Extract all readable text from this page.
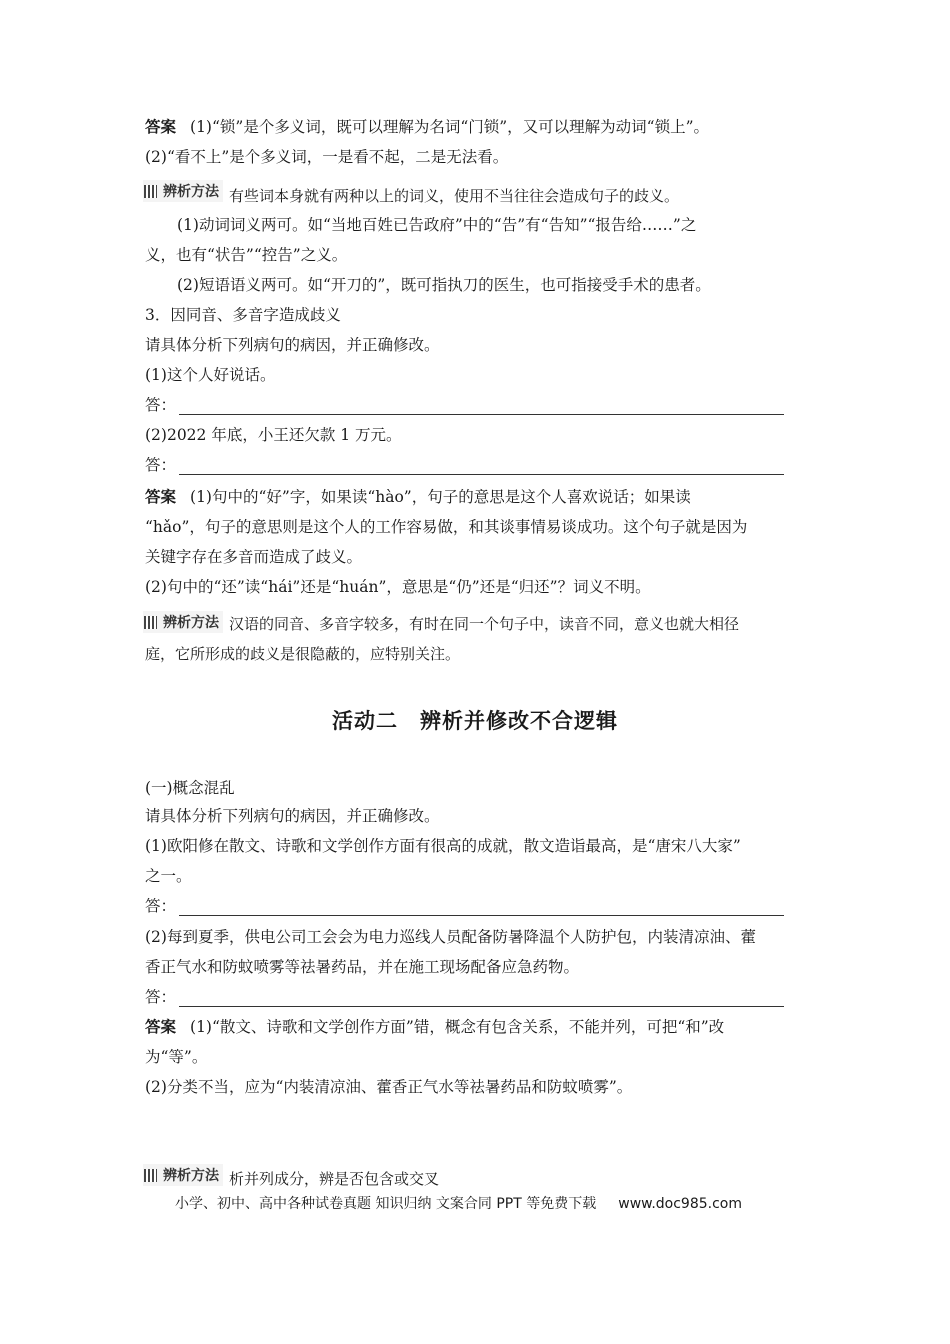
答案 (1)“锁”是个多义词，既可以理解为名词“门锁”，又可以理解为动词“锁上”。
(2)“看不上”是个多义词，一是看不起，二是无法看。
辨析方法 有些词本身就有两种以上的词义，使用不当往往会造成句子的歧义。
(1)动词词义两可。如“当地百姓已告政府”中的“告”有“告知”“报告给……”之
义，也有“状告”“控告”之义。
(2)短语语义两可。如“开刀的”，既可指执刀的医生，也可指接受手术的患者。
3．因同音、多音字造成歧义
请具体分析下列病句的病因，并正确修改。
(1)这个人好说话。
答：
(2)2022 年底，小王还欠款 1 万元。
答：
答案 (1)句中的“好”字，如果读“hào”，句子的意思是这个人喜欢说话；如果读
“hǎo”，句子的意思则是这个人的工作容易做，和其谈事情易谈成功。这个句子就是因为
关键字存在多音而造成了歧义。
(2)句中的“还”读“hái”还是“huán”，意思是“仍”还是“归还”？词义不明。
辨析方法 汉语的同音、多音字较多，有时在同一个句子中，读音不同，意义也就大相径
庭，它所形成的歧义是很隐蔽的，应特别关注。
活动二　辨析并修改不合逻辑
(一)概念混乱
请具体分析下列病句的病因，并正确修改。
(1)欧阳修在散文、诗歌和文学创作方面有很高的成就，散文造诣最高，是“唐宋八大家”
之一。
答：
(2)每到夏季，供电公司工会会为电力巡线人员配备防暑降温个人防护包，内装清凉油、藿
香正气水和防蚊喷雾等祛暑药品，并在施工现场配备应急药物。
答：
答案 (1)“散文、诗歌和文学创作方面”错，概念有包含关系，不能并列，可把“和”改
为“等”。
(2)分类不当，应为“内装清凉油、藿香正气水等祛暑药品和防蚊喷雾”。
辨析方法 析并列成分，辨是否包含或交叉
小学、初中、高中各种试卷真题 知识归纳 文案合同 PPT 等免费下载 www.doc985.com
